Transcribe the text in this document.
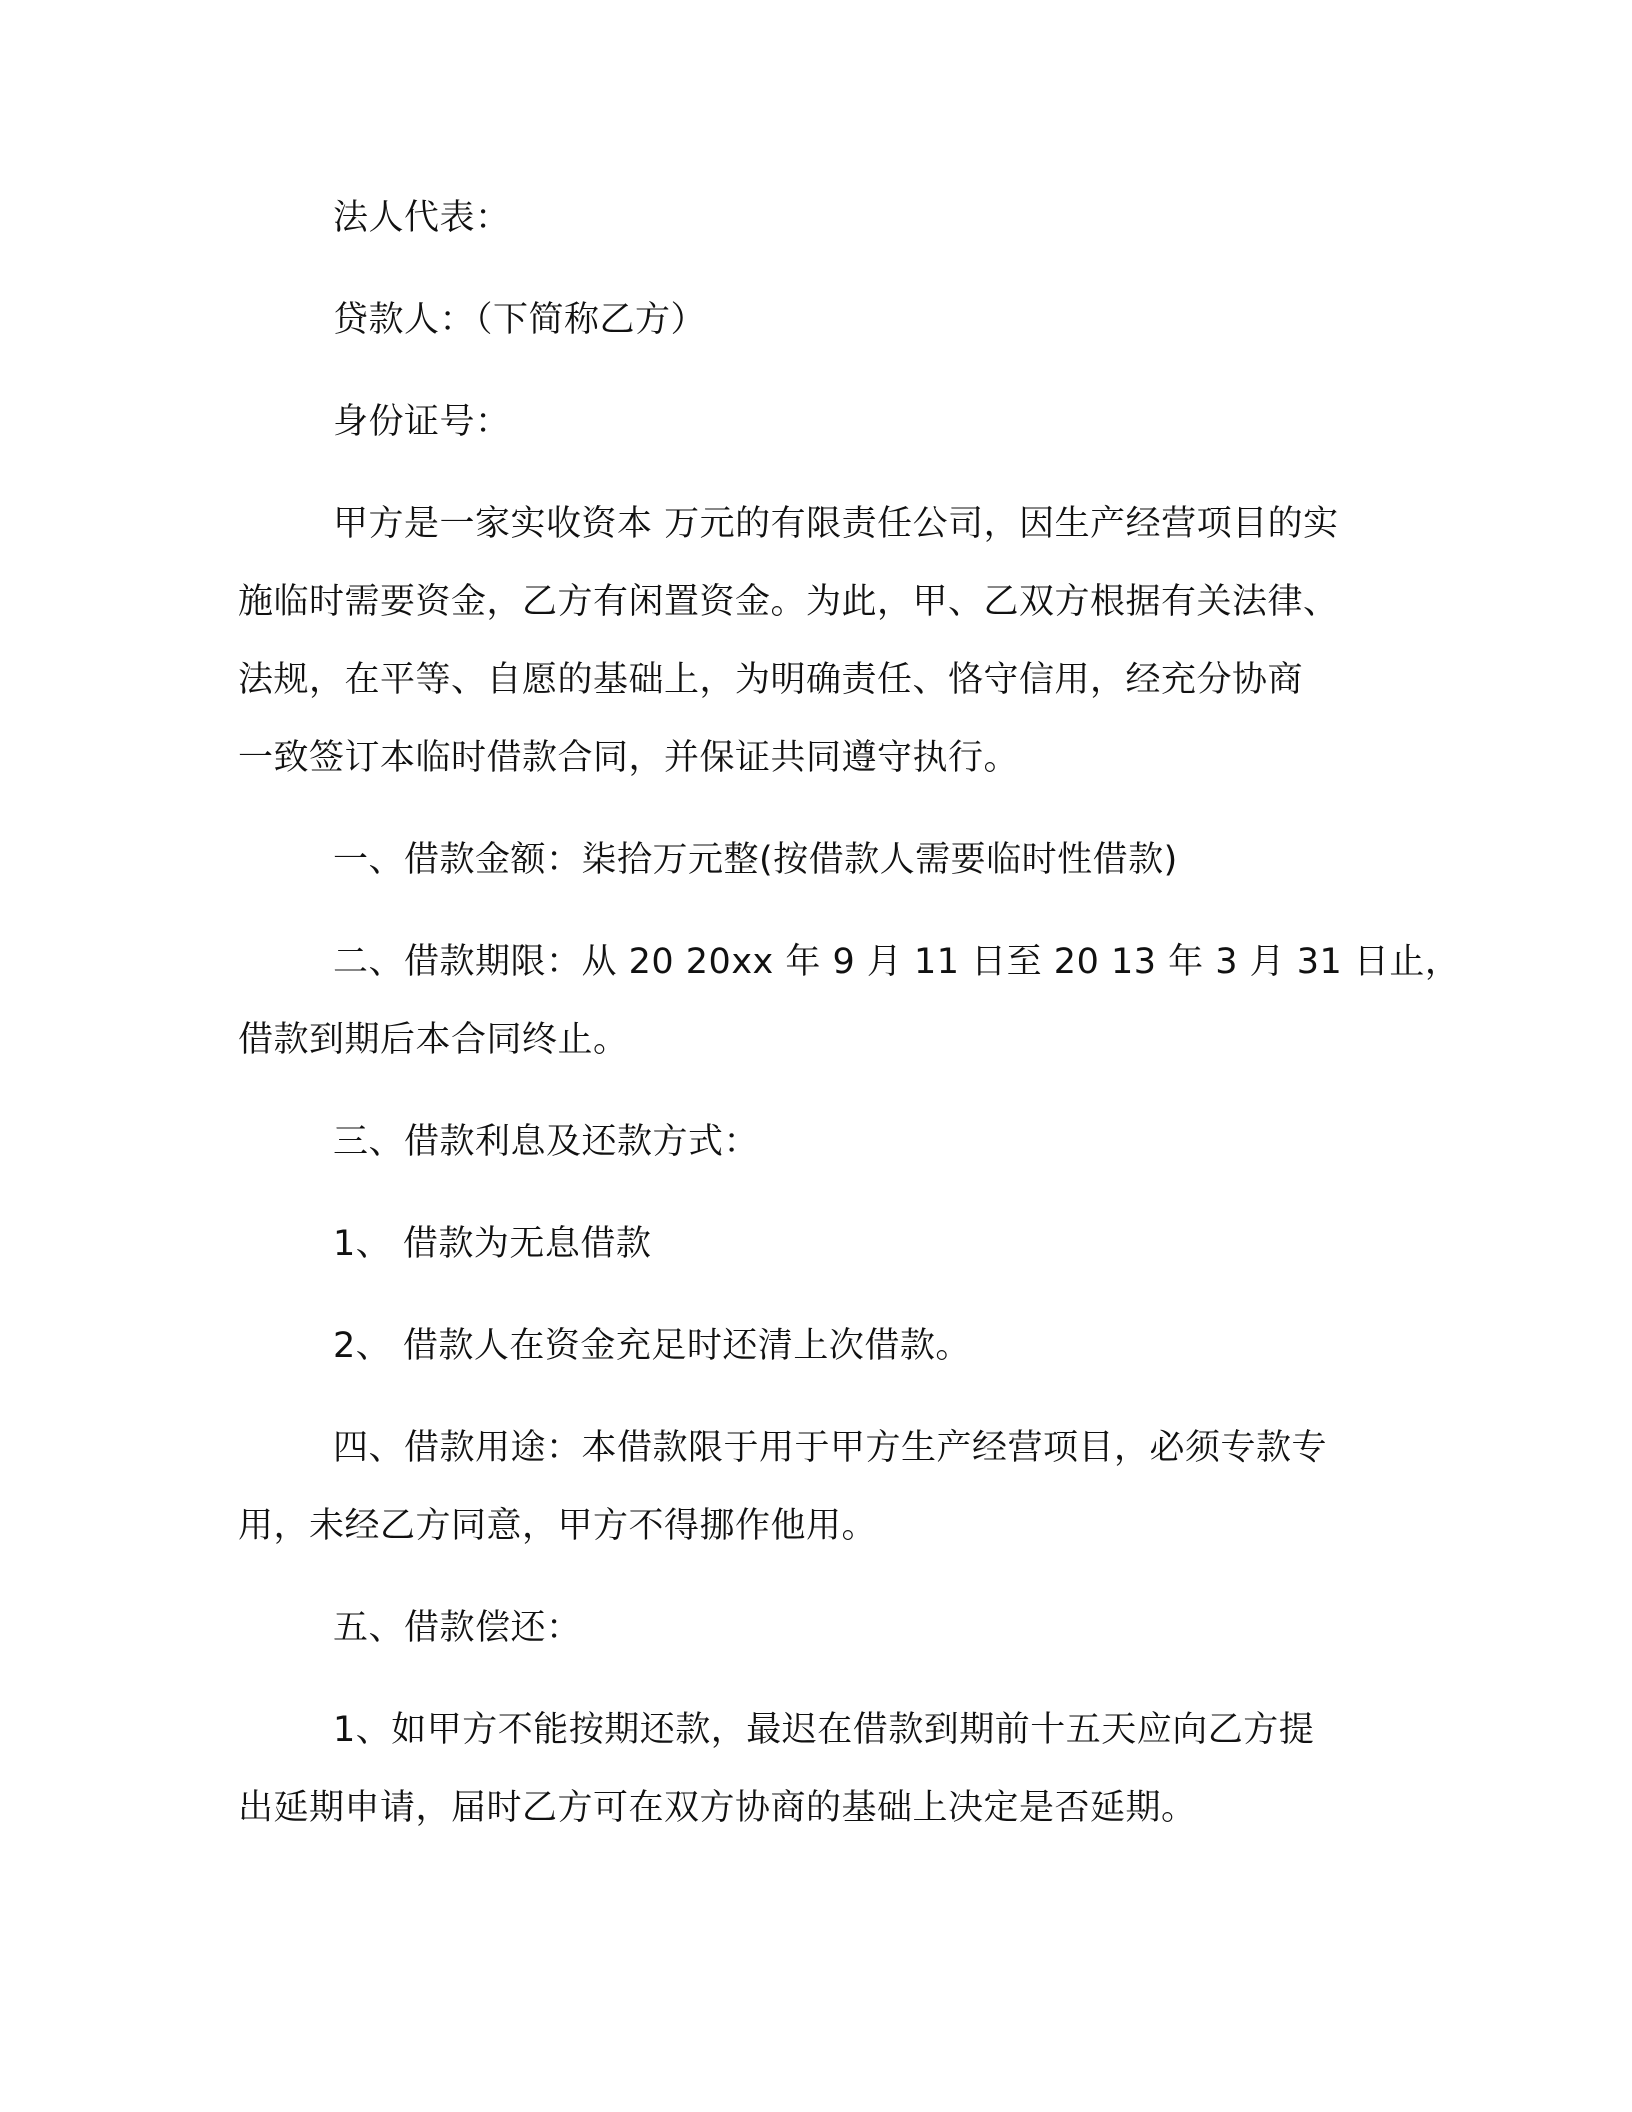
法人代表：
贷款人：（下简称乙方）
身份证号：
甲方是一家实收资本 万元的有限责任公司，因生产经营项目的实
施临时需要资金，乙方有闲置资金。为此，甲、乙双方根据有关法律、
法规，在平等、自愿的基础上，为明确责任、恪守信用，经充分协商
一致签订本临时借款合同，并保证共同遵守执行。
一、借款金额：柒拾万元整(按借款人需要临时性借款)
二、借款期限：从 20 20xx 年 9 月 11 日至 20 13 年 3 月 31 日止，
借款到期后本合同终止。
三、借款利息及还款方式：
1、 借款为无息借款
2、 借款人在资金充足时还清上次借款。
四、借款用途：本借款限于用于甲方生产经营项目，必须专款专
用，未经乙方同意，甲方不得挪作他用。
五、借款偿还：
1、如甲方不能按期还款，最迟在借款到期前十五天应向乙方提
出延期申请，届时乙方可在双方协商的基础上决定是否延期。
